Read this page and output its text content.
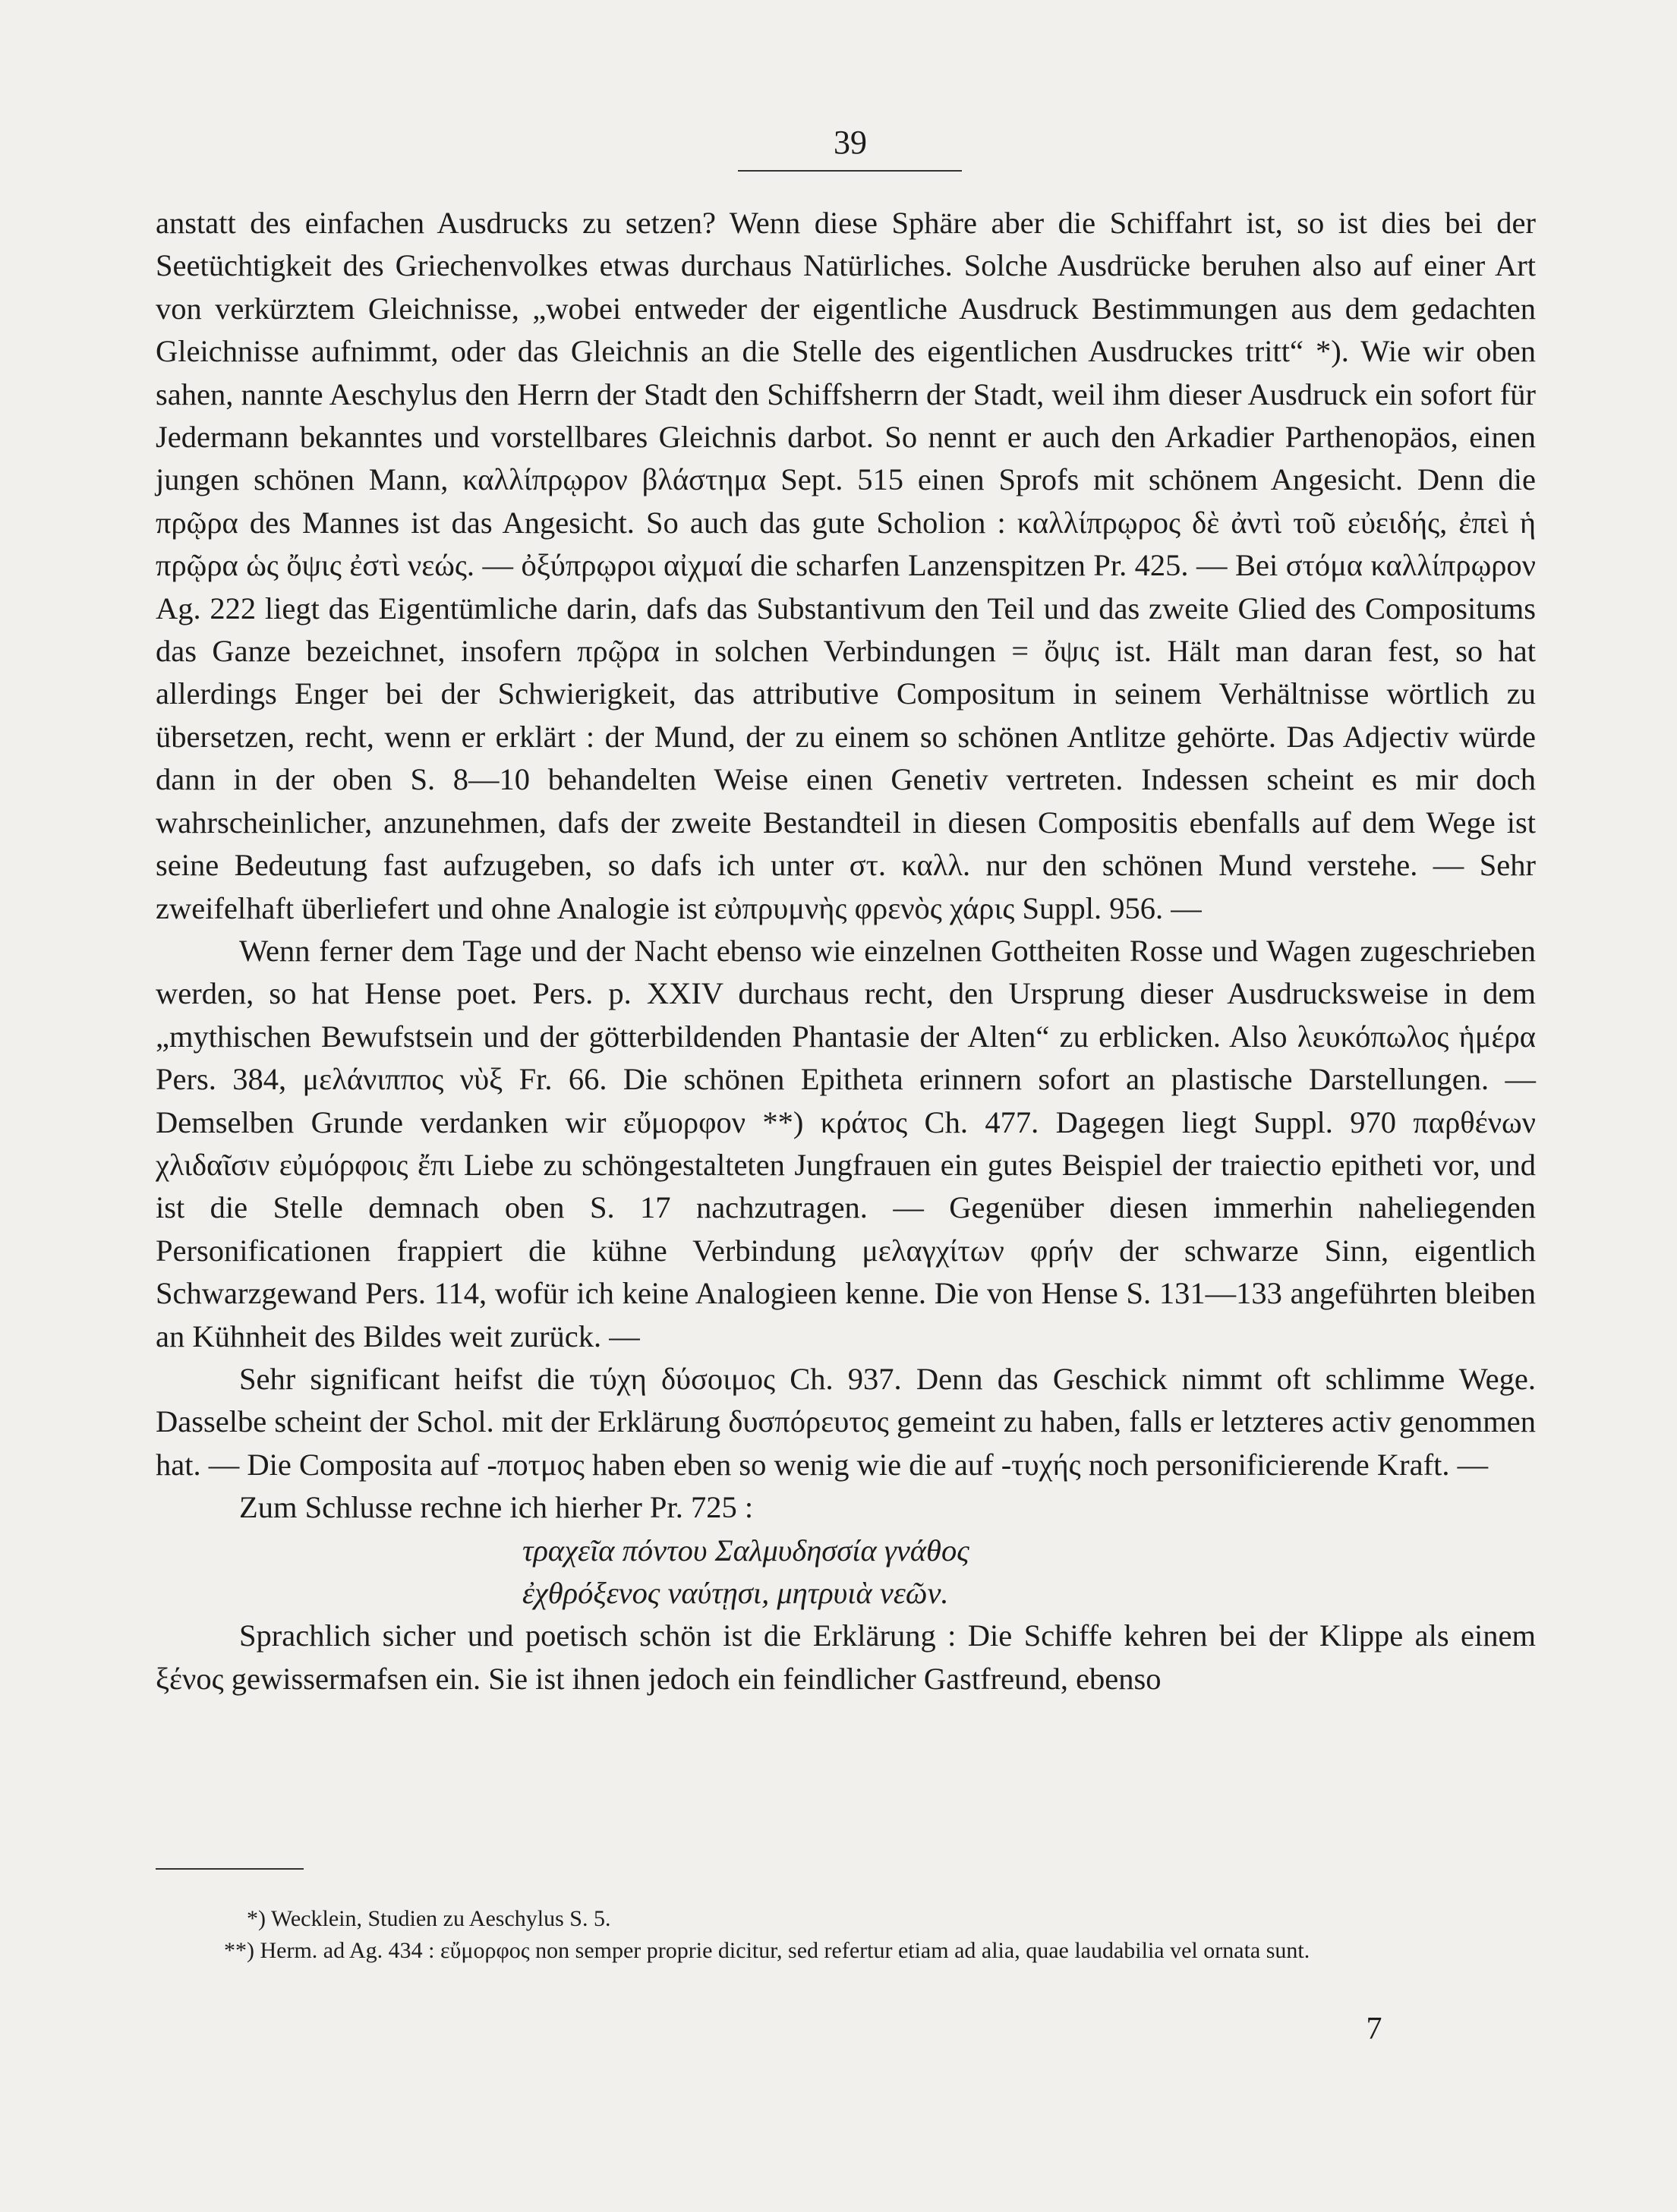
39

anstatt des einfachen Ausdrucks zu setzen? Wenn diese Sphäre aber die Schiffahrt ist, so ist dies bei der Seetüchtigkeit des Griechenvolkes etwas durchaus Natürliches. Solche Ausdrücke beruhen also auf einer Art von verkürztem Gleichnisse, „wobei entweder der eigentliche Ausdruck Bestimmungen aus dem gedachten Gleichnisse aufnimmt, oder das Gleichnis an die Stelle des eigentlichen Ausdruckes tritt“ *). Wie wir oben sahen, nannte Aeschylus den Herrn der Stadt den Schiffsherrn der Stadt, weil ihm dieser Ausdruck ein sofort für Jedermann bekanntes und vorstellbares Gleichnis darbot. So nennt er auch den Arkadier Parthenopäos, einen jungen schönen Mann, καλλίπρῳρον βλάστημα Sept. 515 einen Sprofs mit schönem Angesicht. Denn die πρῷρα des Mannes ist das Angesicht. So auch das gute Scholion : καλλίπρῳρος δὲ ἀντὶ τοῦ εὐειδής, ἐπεὶ ἡ πρῷρα ὡς ὄψις ἐστὶ νεώς. — ὀξύπρῳροι αἰχμαί die scharfen Lanzenspitzen Pr. 425. — Bei στόμα καλλίπρῳρον Ag. 222 liegt das Eigentümliche darin, dafs das Substantivum den Teil und das zweite Glied des Compositums das Ganze bezeichnet, insofern πρῷρα in solchen Verbindungen = ὄψις ist. Hält man daran fest, so hat allerdings Enger bei der Schwierigkeit, das attributive Compositum in seinem Verhältnisse wörtlich zu übersetzen, recht, wenn er erklärt : der Mund, der zu einem so schönen Antlitze gehörte. Das Adjectiv würde dann in der oben S. 8—10 behandelten Weise einen Genetiv vertreten. Indessen scheint es mir doch wahrscheinlicher, anzunehmen, dafs der zweite Bestandteil in diesen Compositis ebenfalls auf dem Wege ist seine Bedeutung fast aufzugeben, so dafs ich unter στ. καλλ. nur den schönen Mund verstehe. — Sehr zweifelhaft überliefert und ohne Analogie ist εὐπρυμνὴς φρενὸς χάρις Suppl. 956. —

Wenn ferner dem Tage und der Nacht ebenso wie einzelnen Gottheiten Rosse und Wagen zugeschrieben werden, so hat Hense poet. Pers. p. XXIV durchaus recht, den Ursprung dieser Ausdrucksweise in dem „mythischen Bewufstsein und der götterbildenden Phantasie der Alten“ zu erblicken. Also λευκόπωλος ἡμέρα Pers. 384, μελάνιππος νὺξ Fr. 66. Die schönen Epitheta erinnern sofort an plastische Darstellungen. — Demselben Grunde verdanken wir εὔμορφον **) κράτος Ch. 477. Dagegen liegt Suppl. 970 παρθένων χλιδαῖσιν εὐμόρφοις ἔπι Liebe zu schöngestalteten Jungfrauen ein gutes Beispiel der traiectio epitheti vor, und ist die Stelle demnach oben S. 17 nachzutragen. — Gegenüber diesen immerhin naheliegenden Personificationen frappiert die kühne Verbindung μελαγχίτων φρήν der schwarze Sinn, eigentlich Schwarzgewand Pers. 114, wofür ich keine Analogieen kenne. Die von Hense S. 131—133 angeführten bleiben an Kühnheit des Bildes weit zurück. —

Sehr significant heifst die τύχη δύσοιμος Ch. 937. Denn das Geschick nimmt oft schlimme Wege. Dasselbe scheint der Schol. mit der Erklärung δυσπόρευτος gemeint zu haben, falls er letzteres activ genommen hat. — Die Composita auf -ποτμος haben eben so wenig wie die auf -τυχής noch personificierende Kraft. —

Zum Schlusse rechne ich hierher Pr. 725 :
τραχεῖα πόντου Σαλμυδησσία γνάθος
ἐχθρόξενος ναύτῃσι, μητρυιὰ νεῶν.

Sprachlich sicher und poetisch schön ist die Erklärung : Die Schiffe kehren bei der Klippe als einem ξένος gewissermafsen ein. Sie ist ihnen jedoch ein feindlicher Gastfreund, ebenso

*) Wecklein, Studien zu Aeschylus S. 5.

**) Herm. ad Ag. 434 : εὔμορφος non semper proprie dicitur, sed refertur etiam ad alia, quae laudabilia vel ornata sunt.

7
